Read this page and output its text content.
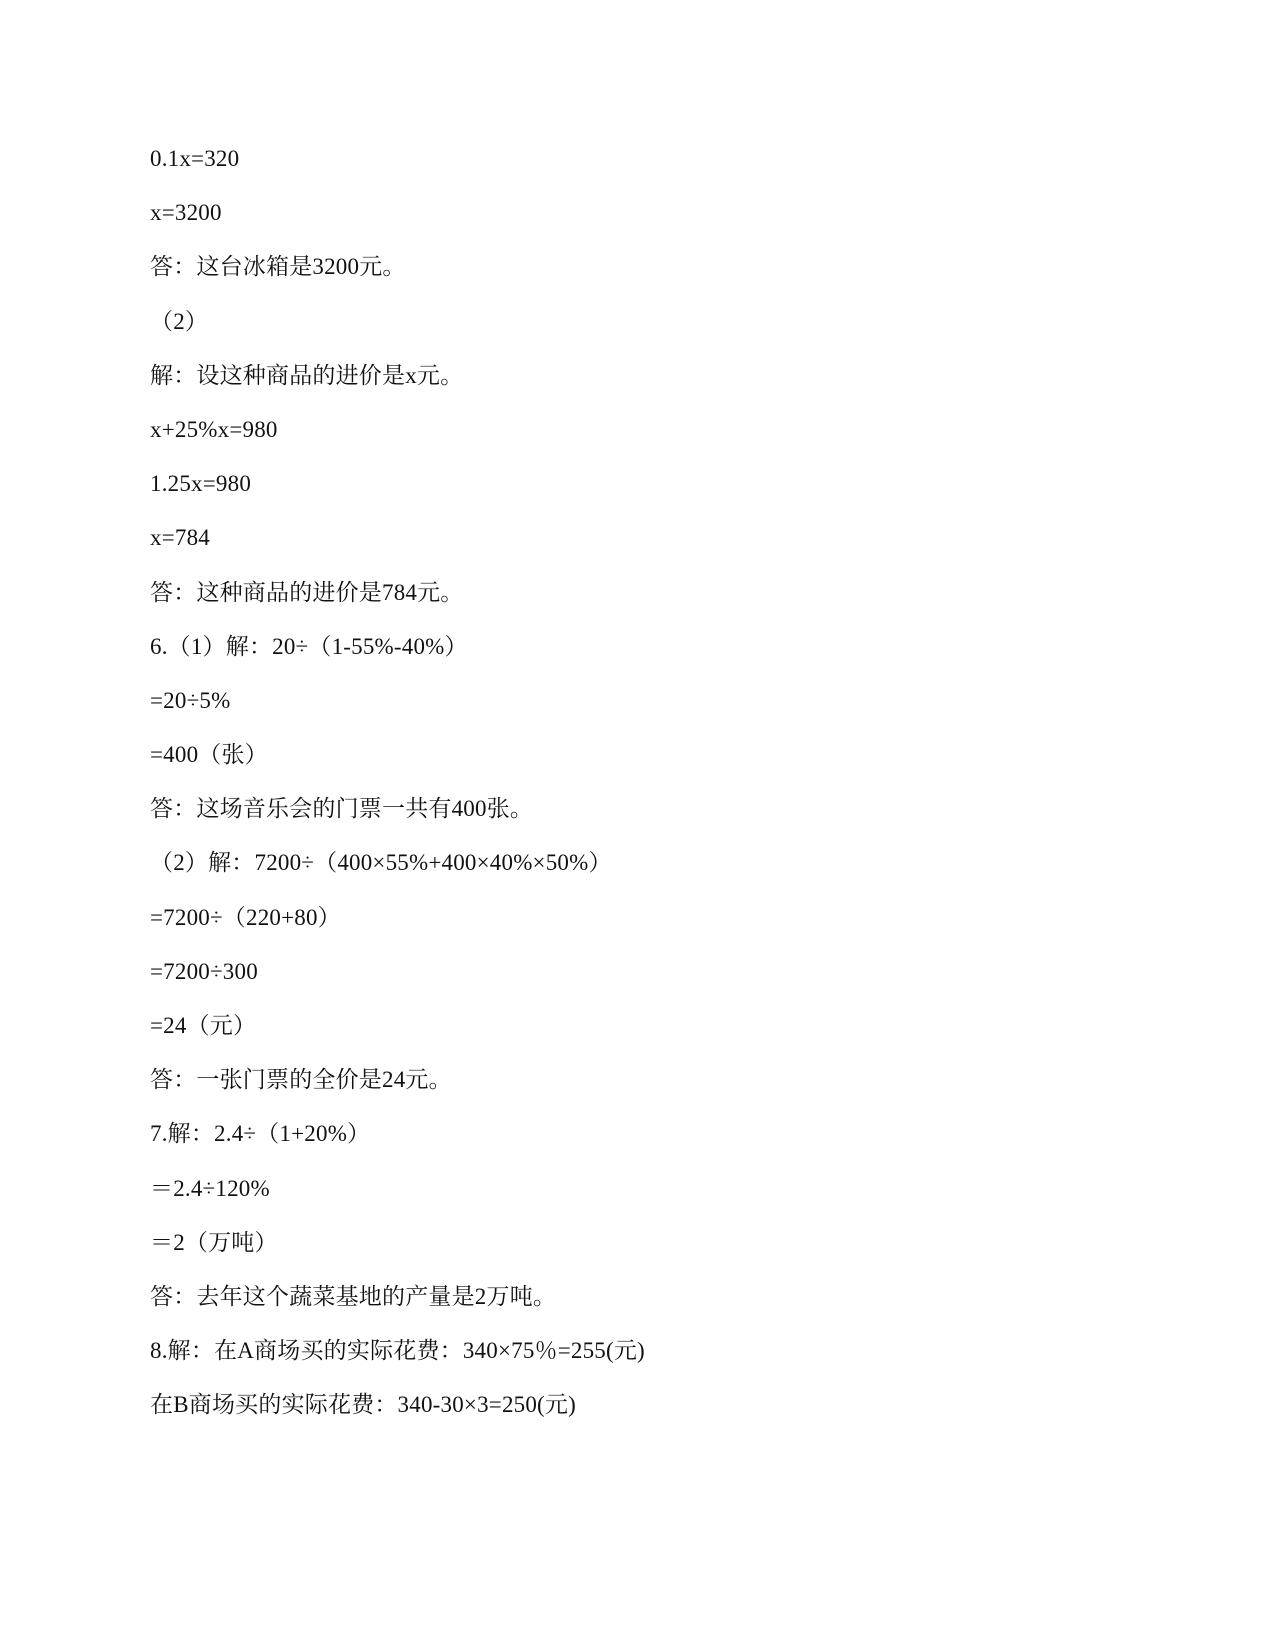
0.1x=320
x=3200
答：这台冰箱是3200元。
（2）
解：设这种商品的进价是x元。
x+25%x=980
1.25x=980
x=784
答：这种商品的进价是784元。
6.（1）解：20÷（1-55%-40%）
=20÷5%
=400（张）
答：这场音乐会的门票一共有400张。
（2）解：7200÷（400×55%+400×40%×50%）
=7200÷（220+80）
=7200÷300
=24（元）
答：一张门票的全价是24元。
7.解：2.4÷（1+20%）
＝2.4÷120%
＝2（万吨）
答：去年这个蔬菜基地的产量是2万吨。
8.解：在A商场买的实际花费：340×75％=255(元)
在B商场买的实际花费：340-30×3=250(元)
